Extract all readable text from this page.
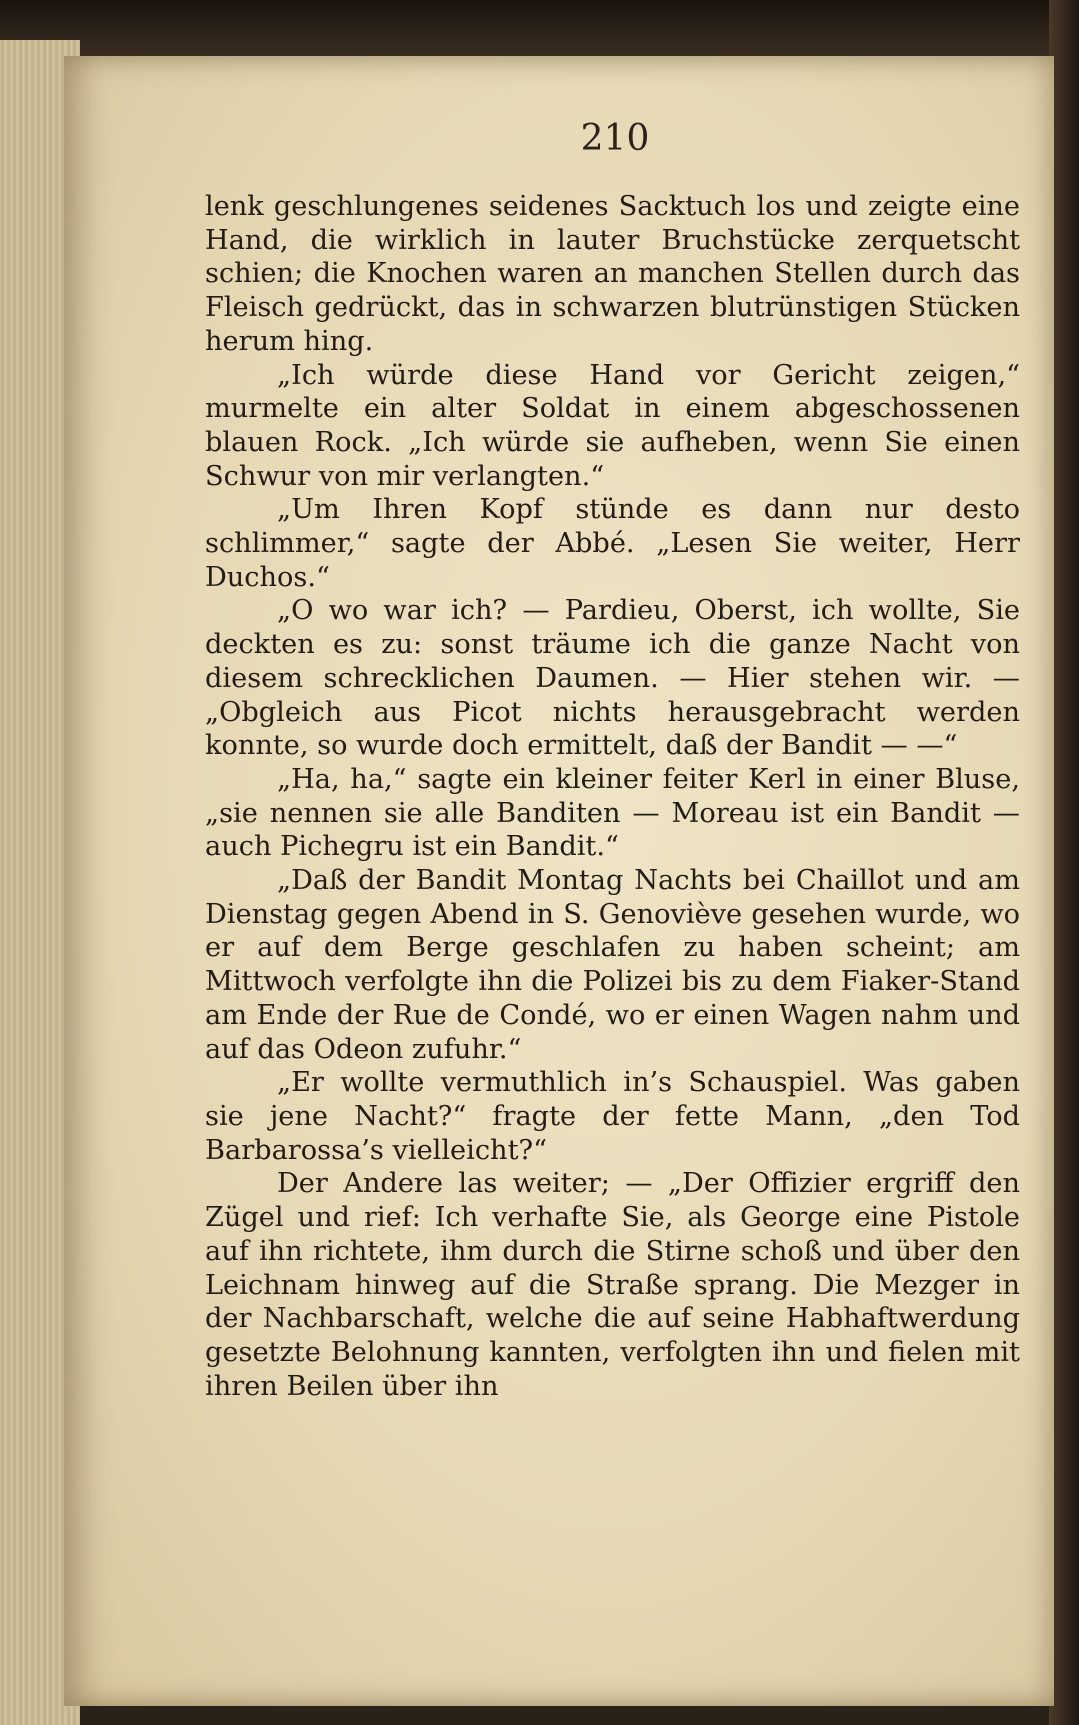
210

lenk geschlungenes seidenes Sacktuch los und zeigte eine Hand, die wirklich in lauter Bruchstücke zerquetscht schien; die Knochen waren an manchen Stellen durch das Fleisch gedrückt, das in schwarzen blutrünstigen Stücken herum hing.

„Ich würde diese Hand vor Gericht zeigen,“ murmelte ein alter Soldat in einem abgeschossenen blauen Rock. „Ich würde sie aufheben, wenn Sie einen Schwur von mir verlangten.“

„Um Ihren Kopf stünde es dann nur desto schlimmer,“ sagte der Abbé. „Lesen Sie weiter, Herr Duchos.“

„O wo war ich? — Pardieu, Oberst, ich wollte, Sie deckten es zu: sonst träume ich die ganze Nacht von diesem schrecklichen Daumen. — Hier stehen wir. — „Obgleich aus Picot nichts herausgebracht werden konnte, so wurde doch ermittelt, daß der Bandit — —“

„Ha, ha,“ sagte ein kleiner feiter Kerl in einer Bluse, „sie nennen sie alle Banditen — Moreau ist ein Bandit — auch Pichegru ist ein Bandit.“

„Daß der Bandit Montag Nachts bei Chaillot und am Dienstag gegen Abend in S. Genoviève gesehen wurde, wo er auf dem Berge geschlafen zu haben scheint; am Mittwoch verfolgte ihn die Polizei bis zu dem Fiaker-Stand am Ende der Rue de Condé, wo er einen Wagen nahm und auf das Odeon zufuhr.“

„Er wollte vermuthlich in’s Schauspiel. Was gaben sie jene Nacht?“ fragte der fette Mann, „den Tod Barbarossa’s vielleicht?“

Der Andere las weiter; — „Der Offizier ergriff den Zügel und rief: Ich verhafte Sie, als George eine Pistole auf ihn richtete, ihm durch die Stirne schoß und über den Leichnam hinweg auf die Straße sprang. Die Mezger in der Nachbarschaft, welche die auf seine Habhaftwerdung gesetzte Belohnung kannten, verfolgten ihn und fielen mit ihren Beilen über ihn
